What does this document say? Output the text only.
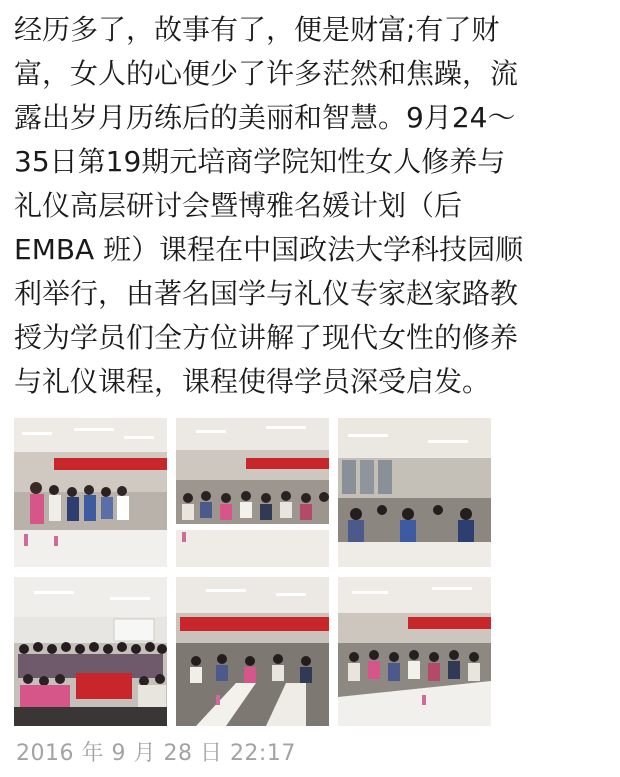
经历多了，故事有了，便是财富;有了财
富，女人的心便少了许多茫然和焦躁，流
露出岁月历练后的美丽和智慧。9月24～
35日第19期元培商学院知性女人修养与
礼仪高层研讨会暨博雅名媛计划（后
EMBA 班）课程在中国政法大学科技园顺
利举行，由著名国学与礼仪专家赵家路教
授为学员们全方位讲解了现代女性的修养
与礼仪课程，课程使得学员深受启发。
2016 年 9 月 28 日 22:17
